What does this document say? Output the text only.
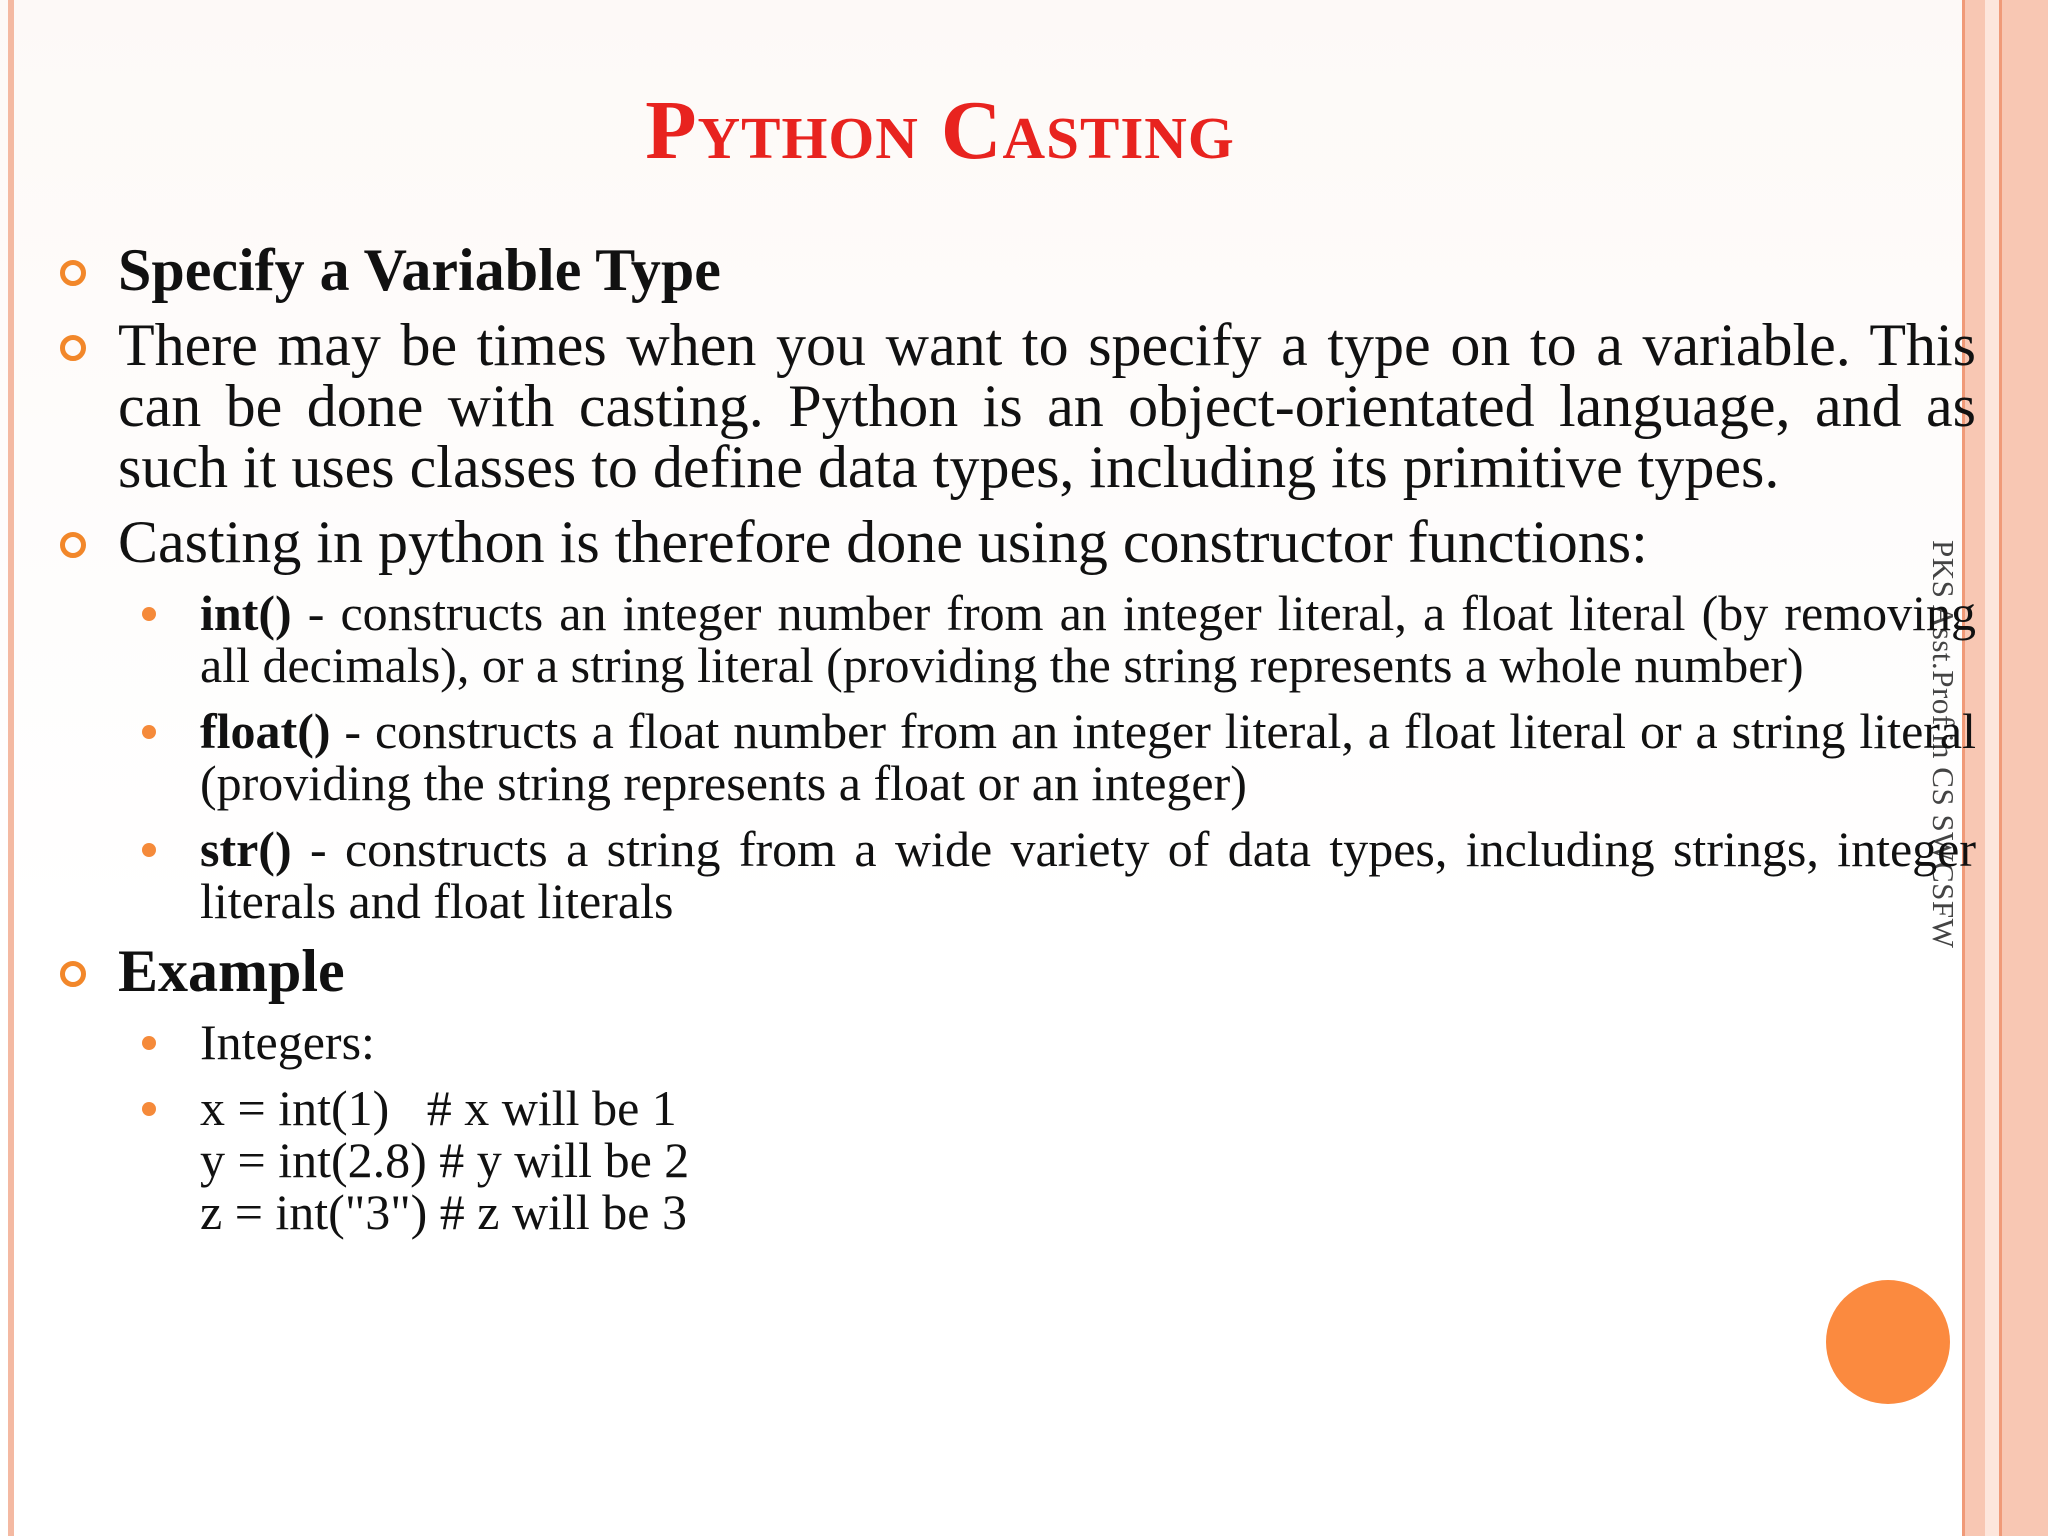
PKS Asst.Prof in CS SWCSFW
Python Casting
Specify a Variable Type
There may be times when you want to specify a type on to a variable. This can be done with casting. Python is an object-orientated language, and as such it uses classes to define data types, including its primitive types.
Casting in python is therefore done using constructor functions:
int() - constructs an integer number from an integer literal, a float literal (by removing all decimals), or a string literal (providing the string represents a whole number)
float() - constructs a float number from an integer literal, a float literal or a string literal (providing the string represents a float or an integer)
str() - constructs a string from a wide variety of data types, including strings, integer literals and float literals
Example
Integers:
x = int(1)   # x will be 1
y = int(2.8) # y will be 2
z = int("3") # z will be 3
